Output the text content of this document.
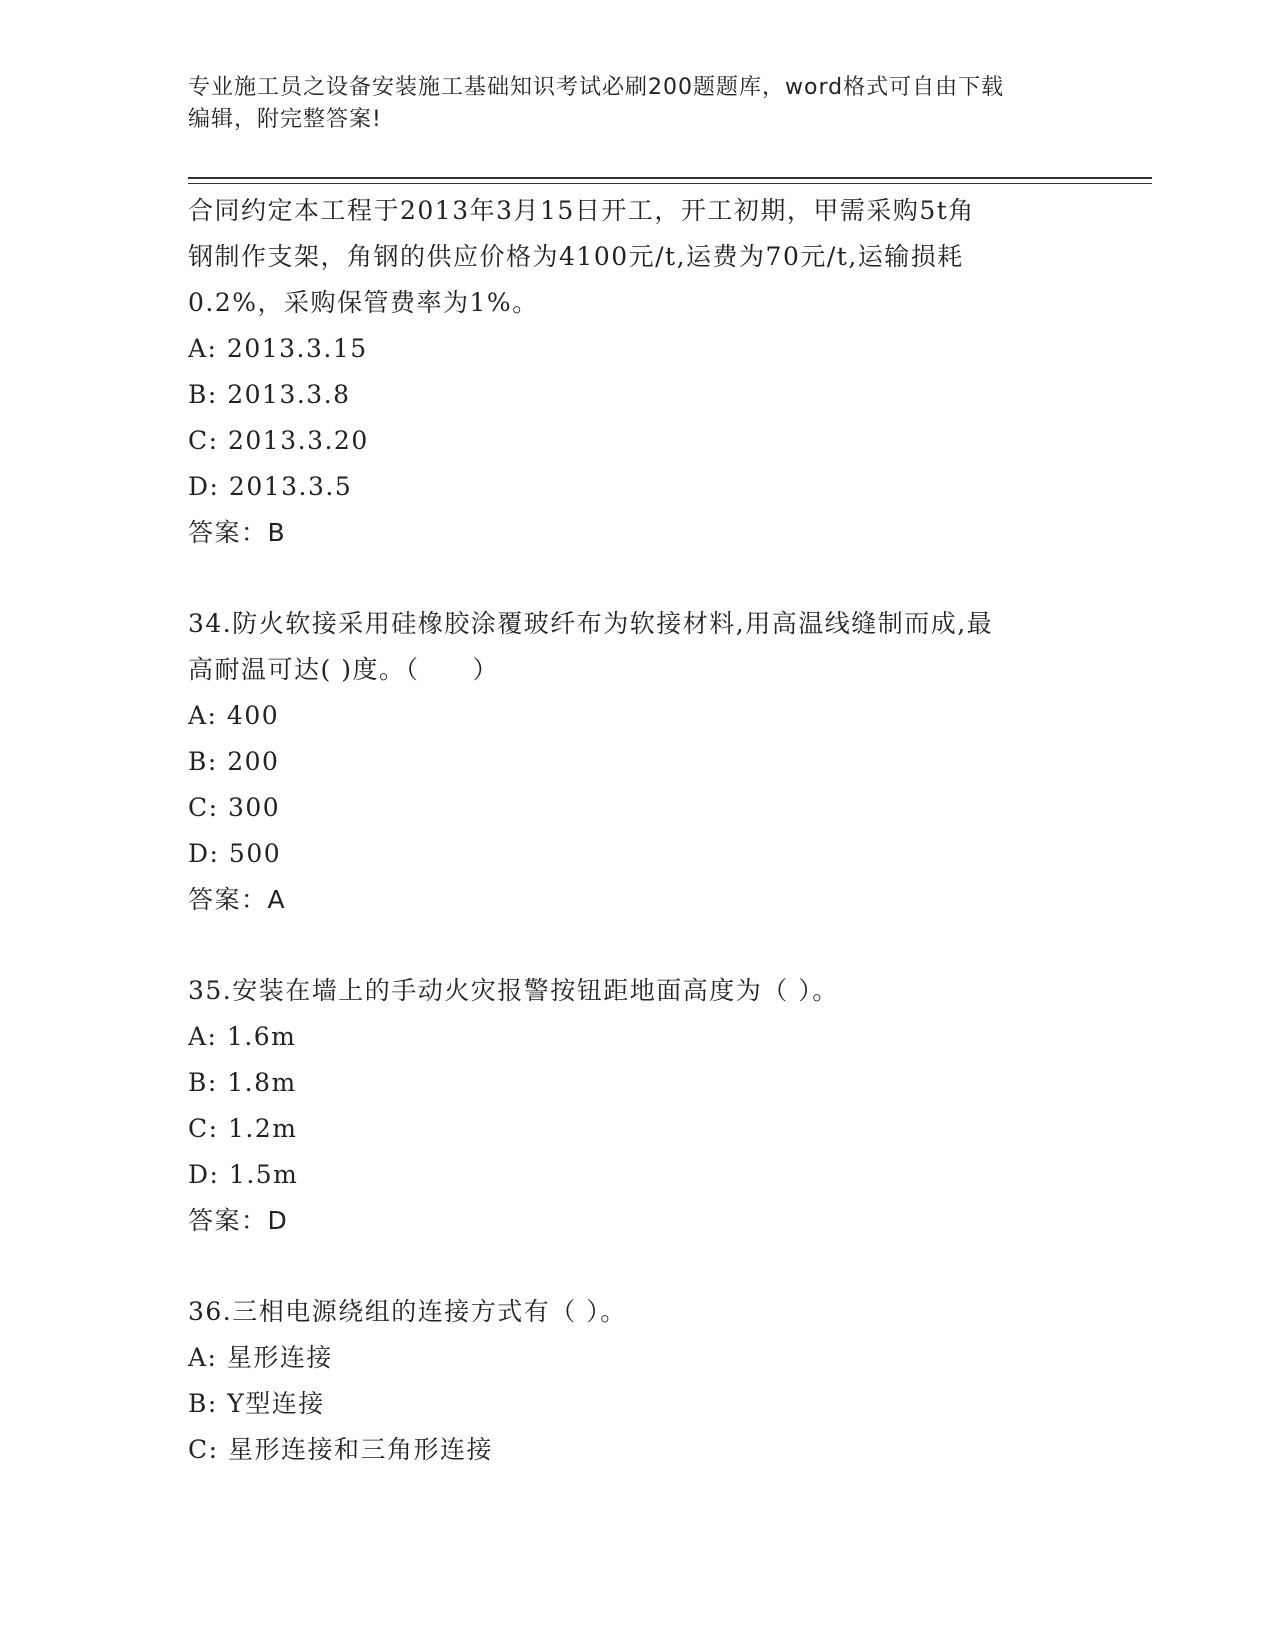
专业施工员之设备安装施工基础知识考试必刷200题题库，word格式可自由下载
编辑，附完整答案!
合同约定本工程于2013年3月15日开工，开工初期，甲需采购5t角
钢制作支架，角钢的供应价格为4100元/t,运费为70元/t,运输损耗
0.2%，采购保管费率为1%。
A: 2013.3.15
B: 2013.3.8
C: 2013.3.20
D: 2013.3.5
答案：B
34.防火软接采用硅橡胶涂覆玻纤布为软接材料,用高温线缝制而成,最
高耐温可达( )度。（　　）
A: 400
B: 200
C: 300
D: 500
答案：A
35.安装在墙上的手动火灾报警按钮距地面高度为（ ）。
A: 1.6m
B: 1.8m
C: 1.2m
D: 1.5m
答案：D
36.三相电源绕组的连接方式有（ ）。
A: 星形连接
B: Y型连接
C: 星形连接和三角形连接
